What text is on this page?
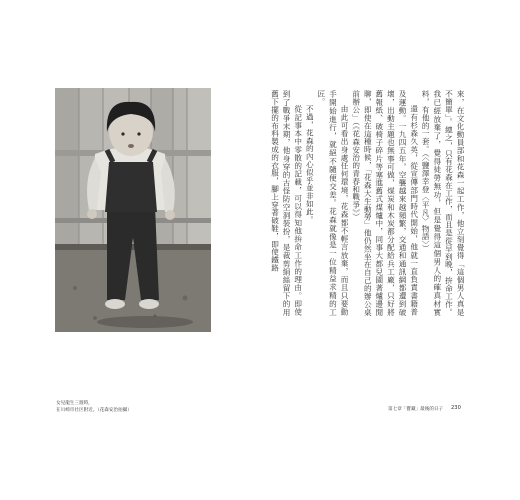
女兒龍生三週時，
在川崎市社区附近。（花森安治拍攝）

來，在文化動員部和花森一起工作，他立刻覺得「這個男人真是不簡單」。總之，只有花森在工作，而且是從早到晚，拚命工作。我已經放棄了，覺得徒勞無功，但是覺得這個男人的確真材實料，有他的一套。（〈鹽澤幸登〈平凡〉物語〉）

還有杉森久英，從宣傳部門時代開始，他就一直負責書籍普及運動。一九四五年，空襲越來越頻繁，交通和通訊網都遭到破壞，出動主題也無事可做，煤炭和木炭都分配給兵工廠，只好將舊報紙、破椅子碎片等塞進舊式煤爐中，同事大都兒園著爐邊閒聊，即使在這種時候，「花森大生動勞」他仍然坐在自己的辦公桌前辦公」（《花森安治的青春和戰爭》）

由此可看出身處任何環境，花森都不輕言放棄，而且只要動手開始進行，就絕不隨便交差。花森就像是一位精益求精的工匠。

不過，花森的內心似乎並非如此。

從記事本中零散的記載，可以得知他拚命工作的理由。即使到了戰爭末期，他身穿的古怪防空洞裝扮，是裁剪絹絲留下的用舊下擺的布料製成的衣服，腳上穿著破鞋，即使鐵路

第七章「寶藏」最後的日子 230
